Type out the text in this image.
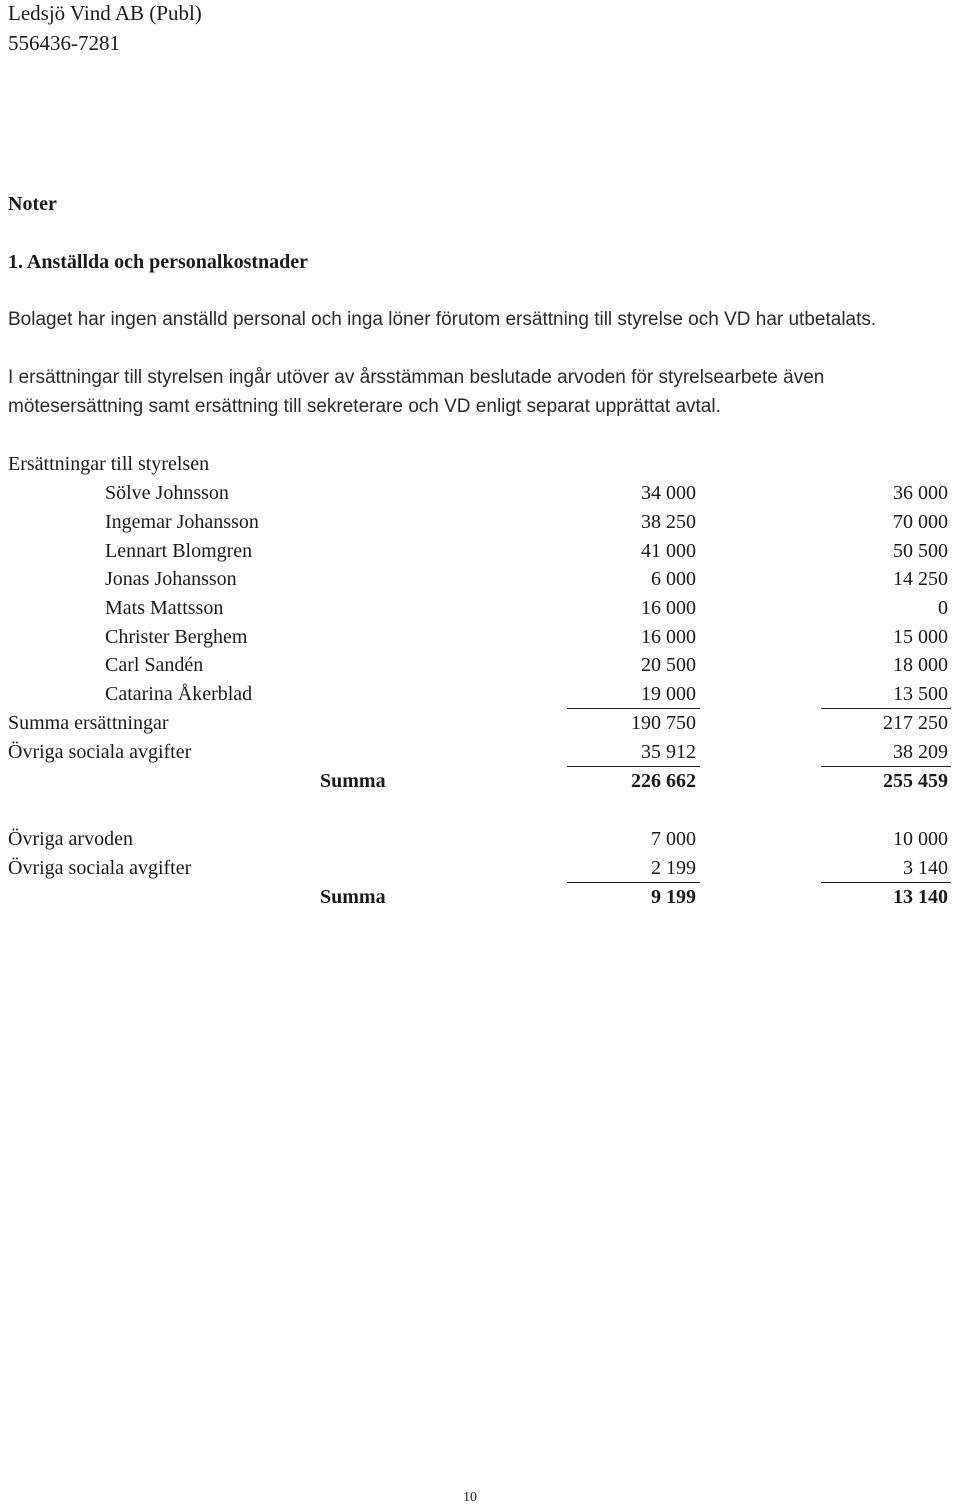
Ledsjö Vind AB (Publ)
556436-7281
Noter
1. Anställda och personalkostnader
Bolaget har ingen anställd personal och inga löner förutom ersättning till styrelse och VD har utbetalats.
I ersättningar till styrelsen ingår utöver av årsstämman beslutade arvoden för styrelsearbete även
mötesersättning samt ersättning till sekreterare och VD enligt separat upprättat avtal.
Ersättningar till styrelsen
Sölve Johnsson	34 000	36 000
Ingemar Johansson	38 250	70 000
Lennart Blomgren	41 000	50 500
Jonas Johansson	6 000	14 250
Mats Mattsson	16 000	0
Christer Berghem	16 000	15 000
Carl Sandén	20 500	18 000
Catarina Åkerblad	19 000	13 500
Summa ersättningar	190 750	217 250
Övriga sociala avgifter	35 912	38 209
Summa	226 662	255 459
Övriga arvoden	7 000	10 000
Övriga sociala avgifter	2 199	3 140
Summa	9 199	13 140
10
